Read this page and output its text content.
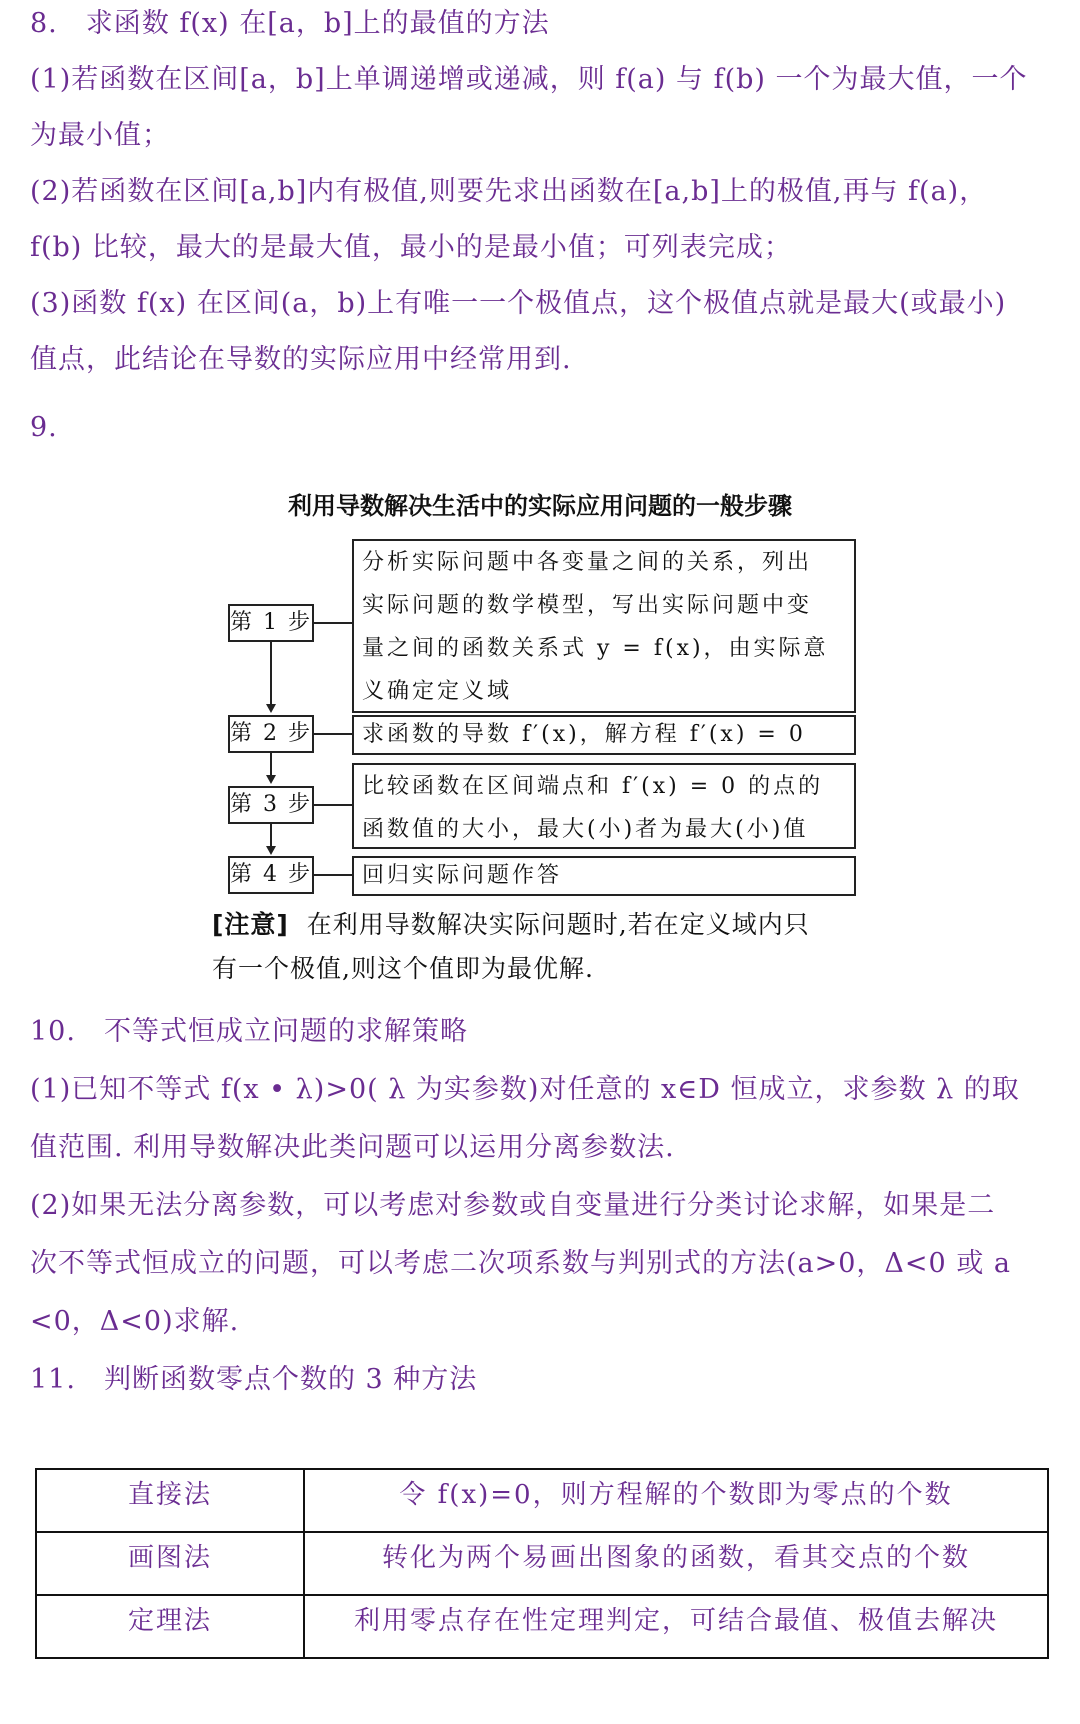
8.　求函数 f(x) 在[a，b]上的最值的方法
(1)若函数在区间[a，b]上单调递增或递减，则 f(a) 与 f(b) 一个为最大值，一个
为最小值；
(2)若函数在区间[a,b]内有极值,则要先求出函数在[a,b]上的极值,再与 f(a)，
f(b) 比较，最大的是最大值，最小的是最小值；可列表完成；
(3)函数 f(x) 在区间(a，b)上有唯一一个极值点，这个极值点就是最大(或最小)
值点，此结论在导数的实际应用中经常用到.
9.
利用导数解决生活中的实际应用问题的一般步骤
第 1 步
分析实际问题中各变量之间的关系，列出
实际问题的数学模型，写出实际问题中变
量之间的函数关系式 y = f(x)，由实际意
义确定定义域
第 2 步 求函数的导数 f′(x)，解方程 f′(x) = 0
第 3 步
比较函数在区间端点和 f′(x) = 0 的点的
函数值的大小，最大(小)者为最大(小)值
第 4 步 回归实际问题作答
[注意] 在利用导数解决实际问题时,若在定义域内只
有一个极值,则这个值即为最优解.
10.　不等式恒成立问题的求解策略
(1)已知不等式 f(x • λ)>0( λ 为实参数)对任意的 x∈D 恒成立，求参数 λ 的取
值范围. 利用导数解决此类问题可以运用分离参数法.
(2)如果无法分离参数，可以考虑对参数或自变量进行分类讨论求解，如果是二
次不等式恒成立的问题，可以考虑二次项系数与判别式的方法(a>0，Δ<0 或 a
<0，Δ<0)求解.
11.　判断函数零点个数的 3 种方法
直接法	令 f(x)=0，则方程解的个数即为零点的个数
画图法	转化为两个易画出图象的函数，看其交点的个数
定理法	利用零点存在性定理判定，可结合最值、极值去解决
